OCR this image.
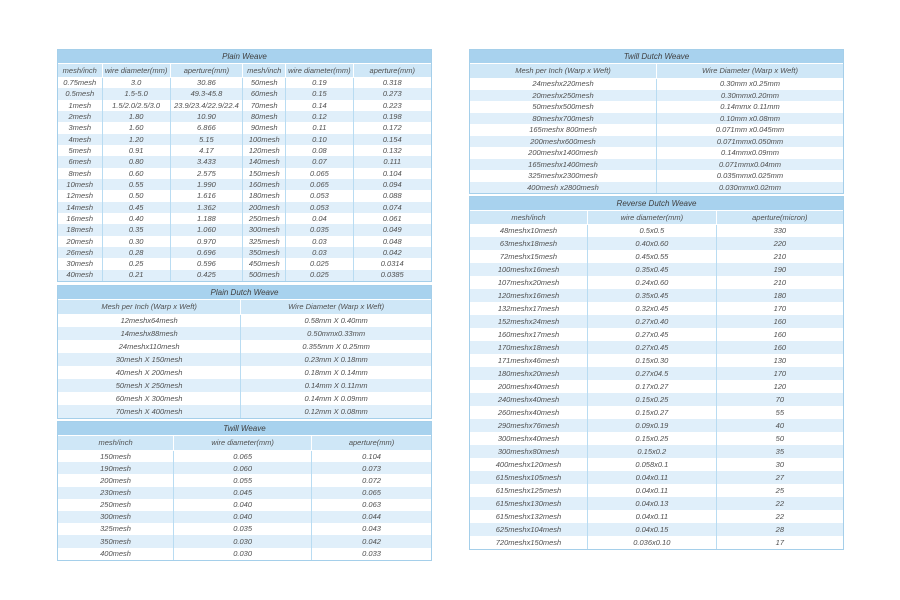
Plain Weave
mesh/inch	wire diameter(mm)	aperture(mm)	mesh/inch	wire diameter(mm)	aperture(mm)
0.75mesh	3.0	30.86	50mesh	0.19	0.318
0.5mesh	1.5-5.0	49.3-45.8	60mesh	0.15	0.273
1mesh	1.5/2.0/2.5/3.0	23.9/23.4/22.9/22.4	70mesh	0.14	0.223
2mesh	1.80	10.90	80mesh	0.12	0.198
3mesh	1.60	6.866	90mesh	0.11	0.172
4mesh	1.20	5.15	100mesh	0.10	0.154
5mesh	0.91	4.17	120mesh	0.08	0.132
6mesh	0.80	3.433	140mesh	0.07	0.111
8mesh	0.60	2.575	150mesh	0.065	0.104
10mesh	0.55	1.990	160mesh	0.065	0.094
12mesh	0.50	1.616	180mesh	0.053	0.088
14mesh	0.45	1.362	200mesh	0.053	0.074
16mesh	0.40	1.188	250mesh	0.04	0.061
18mesh	0.35	1.060	300mesh	0.035	0.049
20mesh	0.30	0.970	325mesh	0.03	0.048
26mesh	0.28	0.696	350mesh	0.03	0.042
30mesh	0.25	0.596	450mesh	0.025	0.0314
40mesh	0.21	0.425	500mesh	0.025	0.0385
Plain Dutch Weave
Mesh per Inch (Warp x Weft)	Wire Diameter (Warp x Weft)
12meshx64mesh	0.58mm X 0.40mm
14meshx88mesh	0.50mmx0.33mm
24meshx110mesh	0.355mm X 0.25mm
30mesh X 150mesh	0.23mm X 0.18mm
40mesh X 200mesh	0.18mm X 0.14mm
50mesh X 250mesh	0.14mm X 0.11mm
60mesh X 300mesh	0.14mm X 0.09mm
70mesh X 400mesh	0.12mm X 0.08mm
Twill Weave
mesh/inch	wire diameter(mm)	aperture(mm)
150mesh	0.065	0.104
190mesh	0.060	0.073
200mesh	0.055	0.072
230mesh	0.045	0.065
250mesh	0.040	0.063
300mesh	0.040	0.044
325mesh	0.035	0.043
350mesh	0.030	0.042
400mesh	0.030	0.033
Twill Dutch Weave
Mesh per Inch (Warp x Weft)	Wire Diameter (Warp x Weft)
24meshx220mesh	0.30mm x0.25mm
20meshx250mesh	0.30mmx0.20mm
50meshx500mesh	0.14mmx 0.11mm
80meshx700mesh	0.10mm x0.08mm
165meshx 800mesh	0.071mm x0.045mm
200meshx600mesh	0.071mmx0.050mm
200meshx1400mesh	0.14mmx0.09mm
165meshx1400mesh	0.071mmx0.04mm
325meshx2300mesh	0.035mmx0.025mm
400mesh x2800mesh	0.030mmx0.02mm
Reverse Dutch Weave
mesh/inch	wire diameter(mm)	aperture(micron)
48meshx10mesh	0.5x0.5	330
63meshx18mesh	0.40x0.60	220
72meshx15mesh	0.45x0.55	210
100meshx16mesh	0.35x0.45	190
107meshx20mesh	0.24x0.60	210
120meshx16mesh	0.35x0.45	180
132meshx17mesh	0.32x0.45	170
152meshx24mesh	0.27x0.40	160
160meshx17mesh	0.27x0.45	160
170meshx18mesh	0.27x0.45	160
171meshx46mesh	0.15x0.30	130
180meshx20mesh	0.27x04.5	170
200meshx40mesh	0.17x0.27	120
240meshx40mesh	0.15x0.25	70
260meshx40mesh	0.15x0.27	55
290meshx76mesh	0.09x0.19	40
300meshx40mesh	0.15x0.25	50
300meshx80mesh	0.15x0.2	35
400meshx120mesh	0.058x0.1	30
615meshx105mesh	0.04x0.11	27
615meshx125mesh	0.04x0.11	25
615meshx130mesh	0.04x0.13	22
615meshx132mesh	0.04x0.11	22
625meshx104mesh	0.04x0.15	28
720meshx150mesh	0.036x0.10	17
